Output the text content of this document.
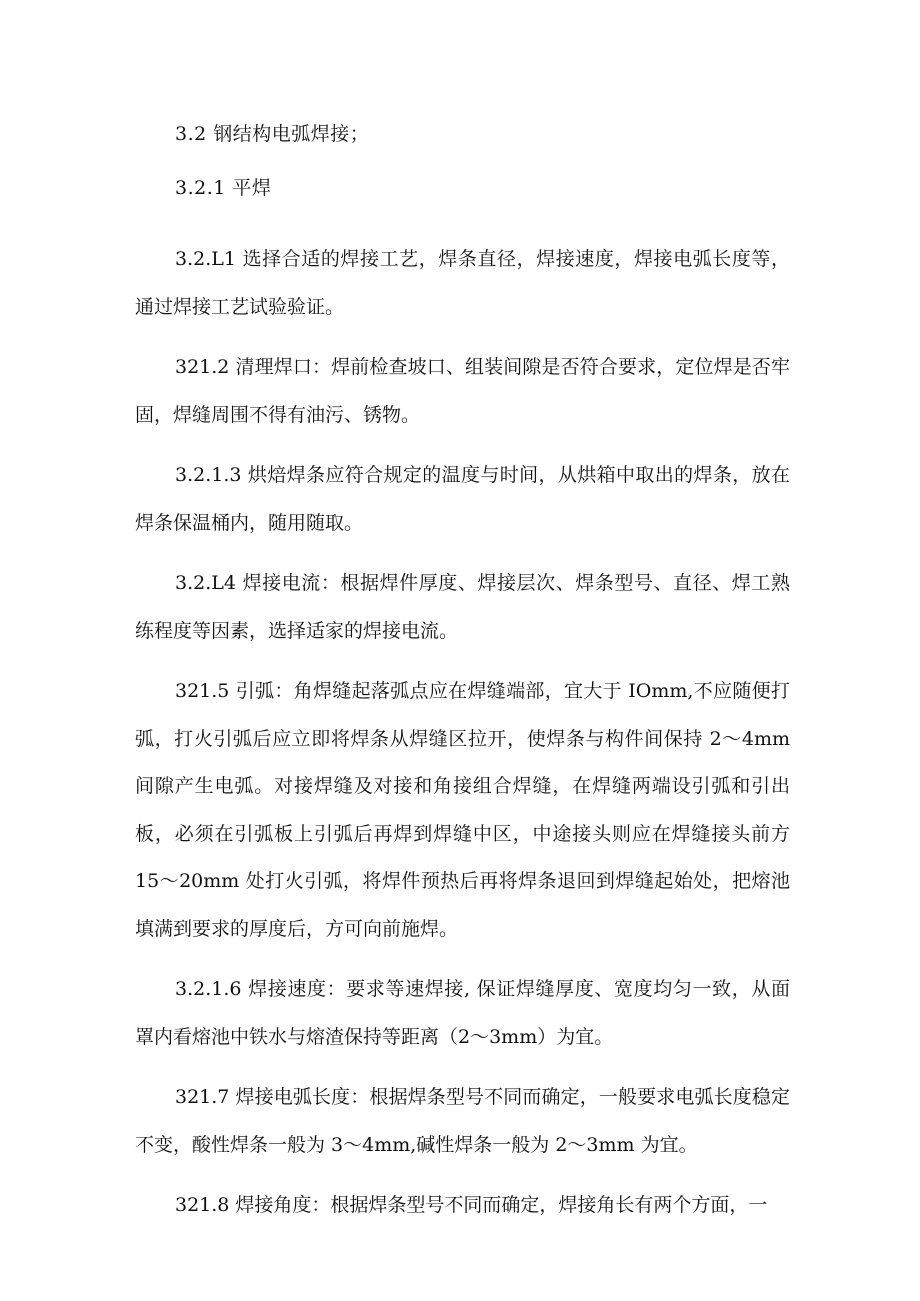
3.2 钢结构电弧焊接；
3.2.1 平焊

3.2.L1 选择合适的焊接工艺，焊条直径，焊接速度，焊接电弧长度等，通过焊接工艺试验验证。

321.2 清理焊口：焊前检查坡口、组装间隙是否符合要求，定位焊是否牢固，焊缝周围不得有油污、锈物。

3.2.1.3 烘焙焊条应符合规定的温度与时间，从烘箱中取出的焊条，放在焊条保温桶内，随用随取。

3.2.L4 焊接电流：根据焊件厚度、焊接层次、焊条型号、直径、焊工熟练程度等因素，选择适家的焊接电流。

321.5 引弧：角焊缝起落弧点应在焊缝端部，宜大于 IOmm,不应随便打弧，打火引弧后应立即将焊条从焊缝区拉开，使焊条与构件间保持 2～4mm 间隙产生电弧。对接焊缝及对接和角接组合焊缝，在焊缝两端设引弧和引出板，必须在引弧板上引弧后再焊到焊缝中区，中途接头则应在焊缝接头前方 15～20mm 处打火引弧，将焊件预热后再将焊条退回到焊缝起始处，把熔池填满到要求的厚度后，方可向前施焊。

3.2.1.6 焊接速度：要求等速焊接, 保证焊缝厚度、宽度均匀一致，从面罩内看熔池中铁水与熔渣保持等距离（2～3mm）为宜。

321.7 焊接电弧长度：根据焊条型号不同而确定，一般要求电弧长度稳定不变，酸性焊条一般为 3～4mm,碱性焊条一般为 2～3mm 为宜。

321.8 焊接角度：根据焊条型号不同而确定，焊接角长有两个方面，一
